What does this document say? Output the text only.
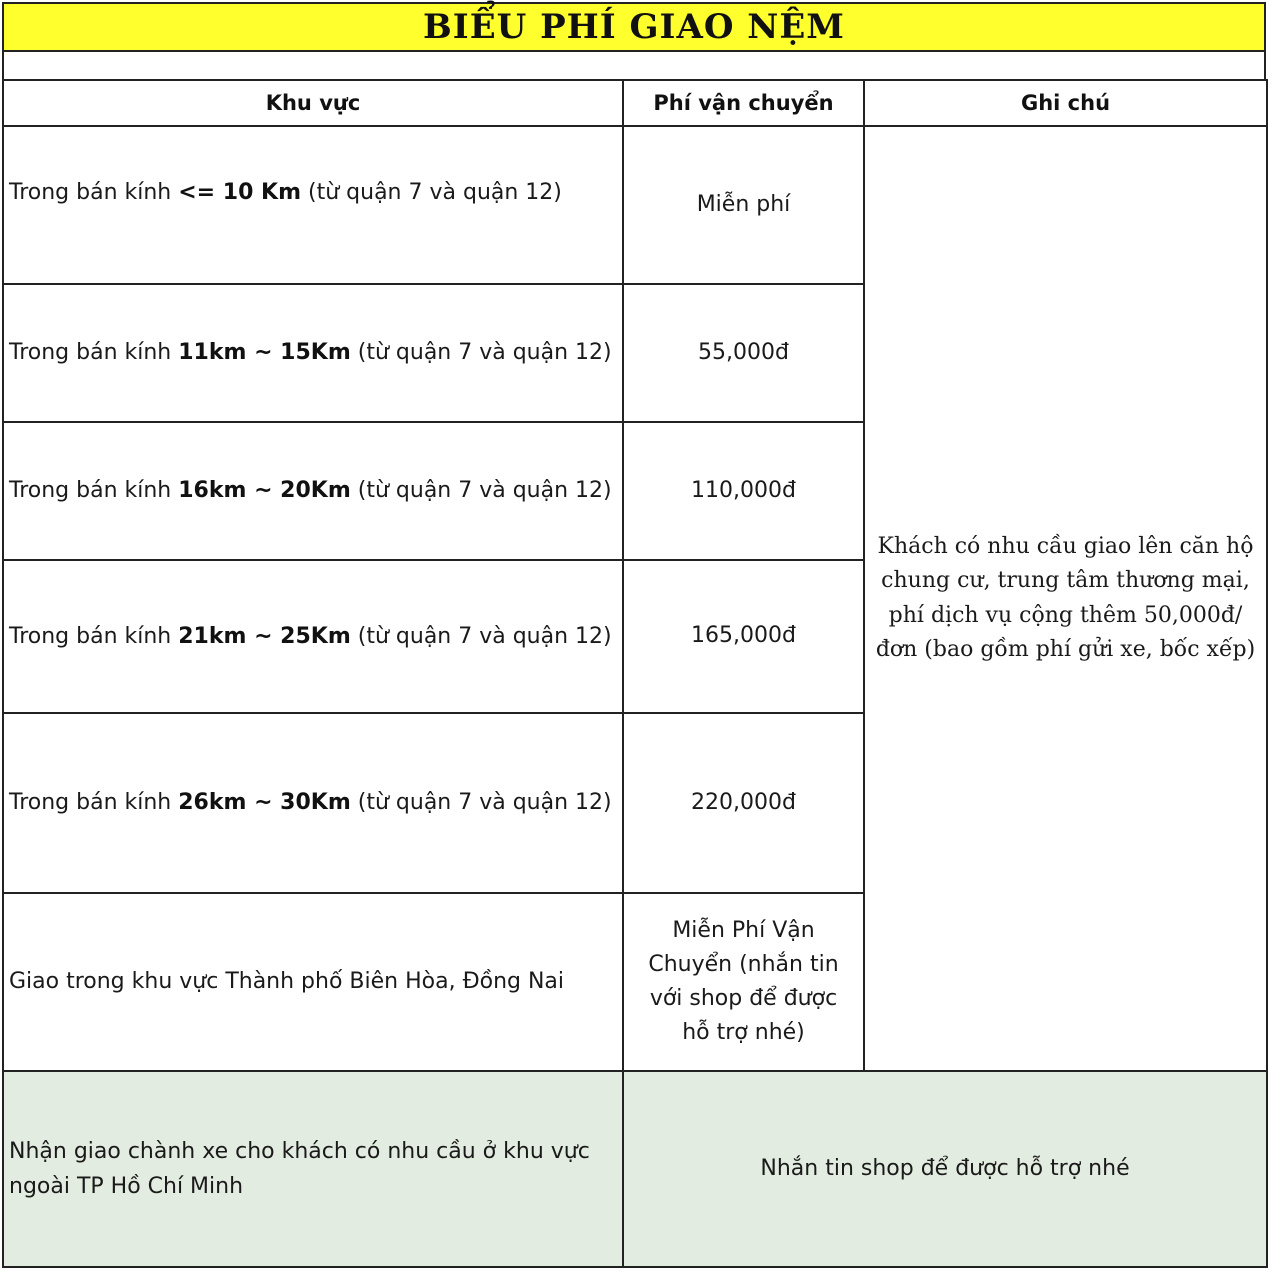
BIỂU PHÍ GIAO NỆM
Khu vực	Phí vận chuyển	Ghi chú
Trong bán kính <= 10 Km (từ quận 7 và quận 12)	Miễn phí	Khách có nhu cầu giao lên căn hộ chung cư, trung tâm thương mại, phí dịch vụ cộng thêm 50,000đ/đơn (bao gồm phí gửi xe, bốc xếp)
Trong bán kính 11km ~ 15Km (từ quận 7 và quận 12)	55,000đ	
Trong bán kính 16km ~ 20Km (từ quận 7 và quận 12)	110,000đ	
Trong bán kính 21km ~ 25Km (từ quận 7 và quận 12)	165,000đ	
Trong bán kính 26km ~ 30Km (từ quận 7 và quận 12)	220,000đ	
Giao trong khu vực Thành phố Biên Hòa, Đồng Nai	Miễn Phí Vận Chuyển (nhắn tin với shop để được hỗ trợ nhé)	
Nhận giao chành xe cho khách có nhu cầu ở khu vực ngoài TP Hồ Chí Minh	Nhắn tin shop để được hỗ trợ nhé	
